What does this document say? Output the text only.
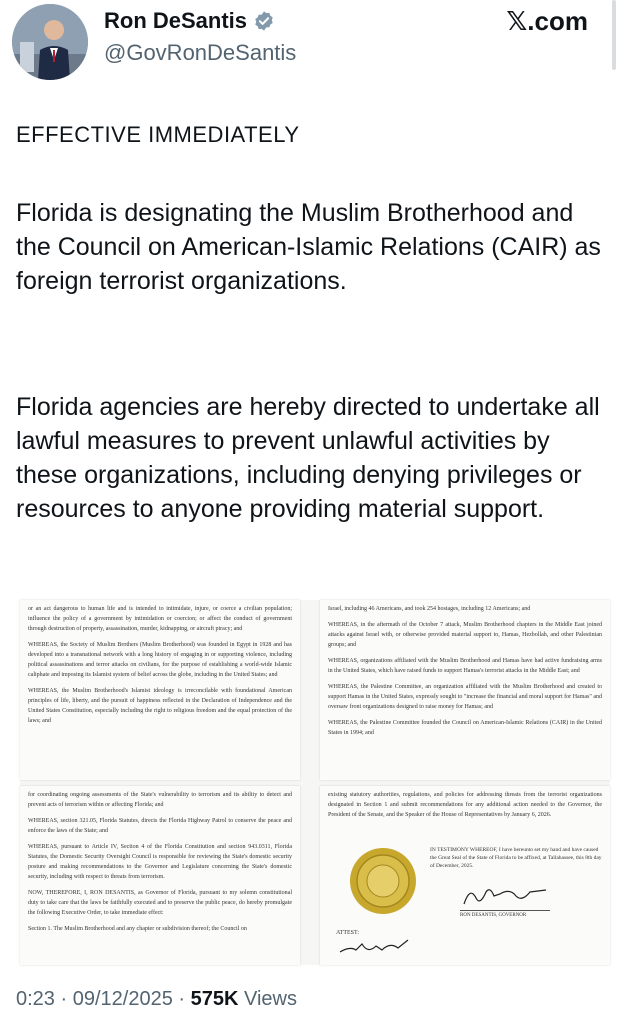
Ron DeSantis
@GovRonDeSantis
𝕏.com
EFFECTIVE IMMEDIATELY
Florida is designating the Muslim Brotherhood and the Council on American-Islamic Relations (CAIR) as foreign terrorist organizations.
Florida agencies are hereby directed to undertake all lawful measures to prevent unlawful activities by these organizations, including denying privileges or resources to anyone providing material support.

or an act dangerous to human life and is intended to intimidate, injure, or coerce a civilian population; influence the policy of a government by intimidation or coercion; or affect the conduct of government through destruction of property, assassination, murder, kidnapping, or aircraft piracy; and

WHEREAS, the Society of Muslim Brothers (Muslim Brotherhood) was founded in Egypt in 1928 and has developed into a transnational network with a long history of engaging in or supporting violence, including political assassinations and terror attacks on civilians, for the purpose of establishing a world-wide Islamic caliphate and imposing its Islamist system of belief across the globe, including in the United States; and

WHEREAS, the Muslim Brotherhood's Islamist ideology is irreconcilable with foundational American principles of life, liberty, and the pursuit of happiness reflected in the Declaration of Independence and the United States Constitution, especially including the right to religious freedom and the equal protection of the laws; and

Israel, including 46 Americans, and took 254 hostages, including 12 Americans; and

WHEREAS, in the aftermath of the October 7 attack, Muslim Brotherhood chapters in the Middle East joined attacks against Israel with, or otherwise provided material support to, Hamas, Hezbollah, and other Palestinian groups; and

WHEREAS, organizations affiliated with the Muslim Brotherhood and Hamas have had active fundraising arms in the United States, which have raised funds to support Hamas's terrorist attacks in the Middle East; and

WHEREAS, the Palestine Committee, an organization affiliated with the Muslim Brotherhood and created to support Hamas in the United States, expressly sought to "increase the financial and moral support for Hamas" and oversaw front organizations designed to raise money for Hamas; and

WHEREAS, the Palestine Committee founded the Council on American-Islamic Relations (CAIR) in the United States in 1994; and

for coordinating ongoing assessments of the State's vulnerability to terrorism and its ability to detect and prevent acts of terrorism within or affecting Florida; and

WHEREAS, section 321.05, Florida Statutes, directs the Florida Highway Patrol to conserve the peace and enforce the laws of the State; and

WHEREAS, pursuant to Article IV, Section 4 of the Florida Constitution and section 943.0311, Florida Statutes, the Domestic Security Oversight Council is responsible for reviewing the State's domestic security posture and making recommendations to the Governor and Legislature concerning the State's domestic security, including with respect to threats from terrorism.

NOW, THEREFORE, I, RON DESANTIS, as Governor of Florida, pursuant to my solemn constitutional duty to take care that the laws be faithfully executed and to preserve the public peace, do hereby promulgate the following Executive Order, to take immediate effect:

Section 1. The Muslim Brotherhood and any chapter or subdivision thereof; the Council on

existing statutory authorities, regulations, and policies for addressing threats from the terrorist organizations designated in Section 1 and submit recommendations for any additional action needed to the Governor, the President of the Senate, and the Speaker of the House of Representatives by January 6, 2026.

IN TESTIMONY WHEREOF, I have hereunto set my hand and have caused the Great Seal of the State of Florida to be affixed, at Tallahassee, this 8th day of December, 2025.
RON DESANTIS, GOVERNOR
ATTEST:
0:23 · 09/12/2025 · 575K Views
